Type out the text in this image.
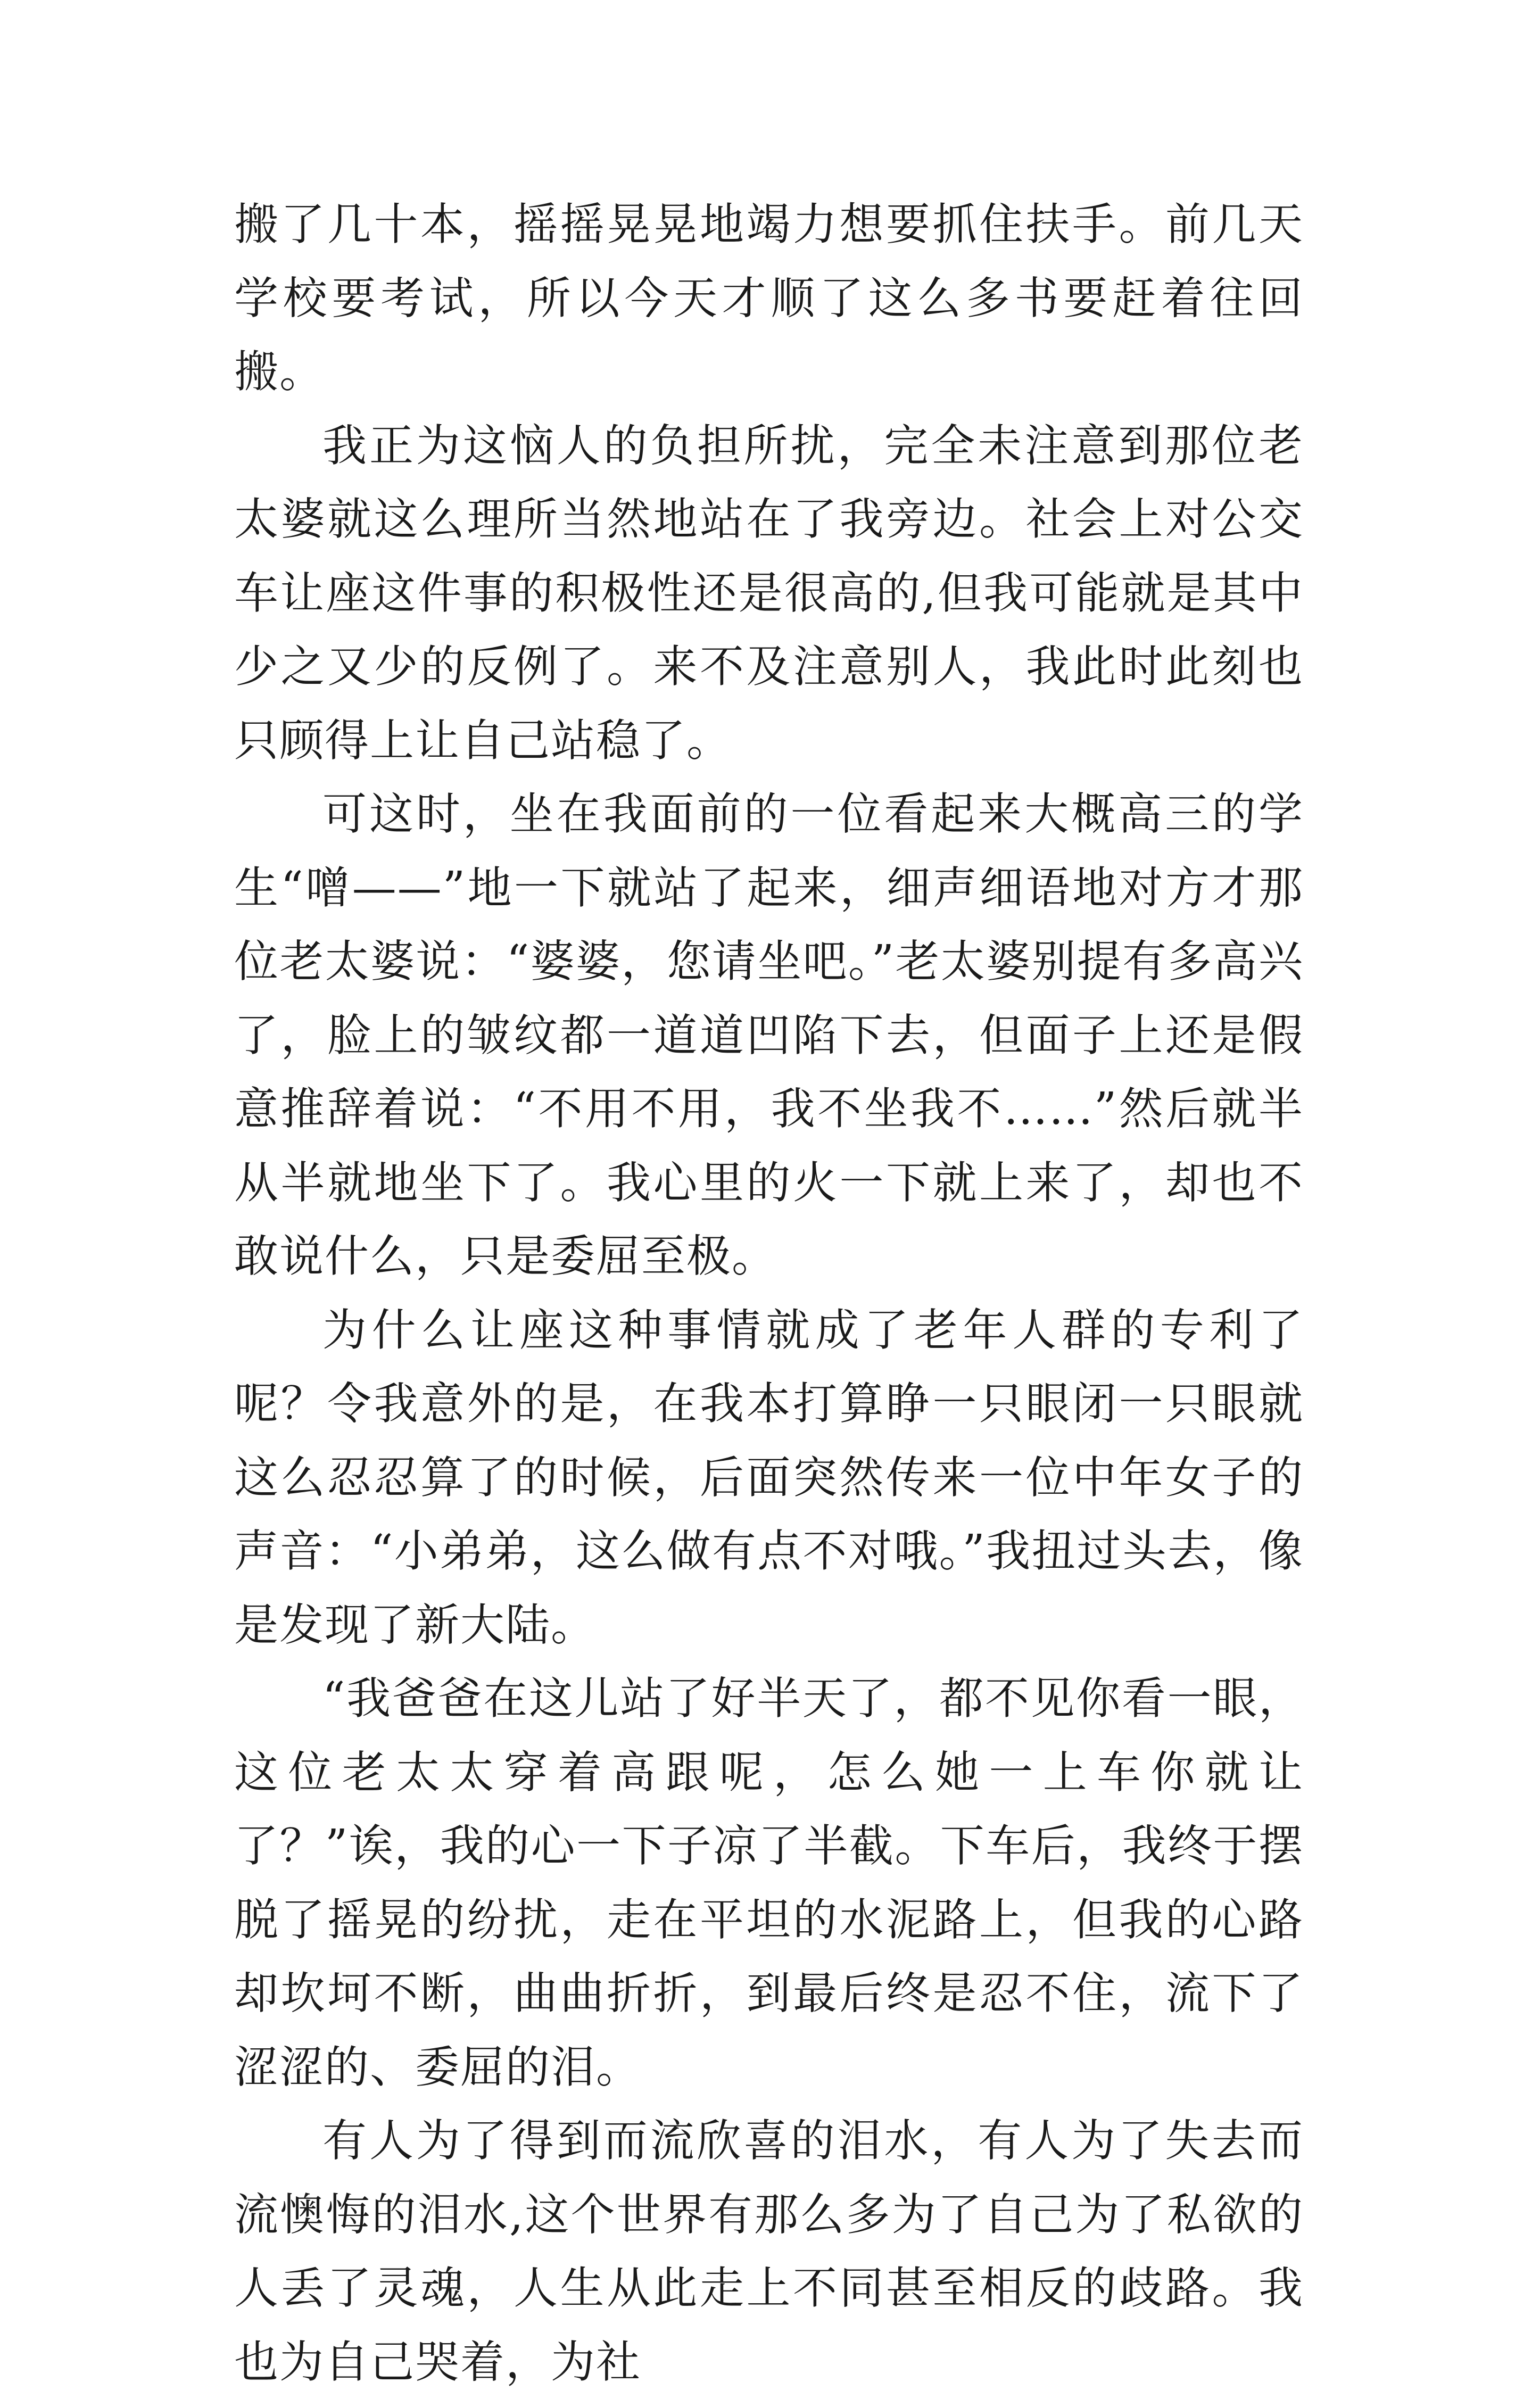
搬了几十本，摇摇晃晃地竭力想要抓住扶手。前几天学校要考试，所以今天才顺了这么多书要赶着往回搬。

我正为这恼人的负担所扰，完全未注意到那位老太婆就这么理所当然地站在了我旁边。社会上对公交车让座这件事的积极性还是很高的,但我可能就是其中少之又少的反例了。来不及注意别人，我此时此刻也只顾得上让自己站稳了。

可这时，坐在我面前的一位看起来大概高三的学生“噌——”地一下就站了起来，细声细语地对方才那位老太婆说：“婆婆，您请坐吧。”老太婆别提有多高兴了，脸上的皱纹都一道道凹陷下去，但面子上还是假意推辞着说：“不用不用，我不坐我不……”然后就半从半就地坐下了。我心里的火一下就上来了，却也不敢说什么，只是委屈至极。

为什么让座这种事情就成了老年人群的专利了呢？令我意外的是，在我本打算睁一只眼闭一只眼就这么忍忍算了的时候，后面突然传来一位中年女子的声音：“小弟弟，这么做有点不对哦。”我扭过头去，像是发现了新大陆。

“我爸爸在这儿站了好半天了，都不见你看一眼，这位老太太穿着高跟呢，怎么她一上车你就让了？”诶，我的心一下子凉了半截。下车后，我终于摆脱了摇晃的纷扰，走在平坦的水泥路上，但我的心路却坎坷不断，曲曲折折，到最后终是忍不住，流下了涩涩的、委屈的泪。

有人为了得到而流欣喜的泪水，有人为了失去而流懊悔的泪水,这个世界有那么多为了自己为了私欲的人丢了灵魂，人生从此走上不同甚至相反的歧路。我也为自己哭着，为社
